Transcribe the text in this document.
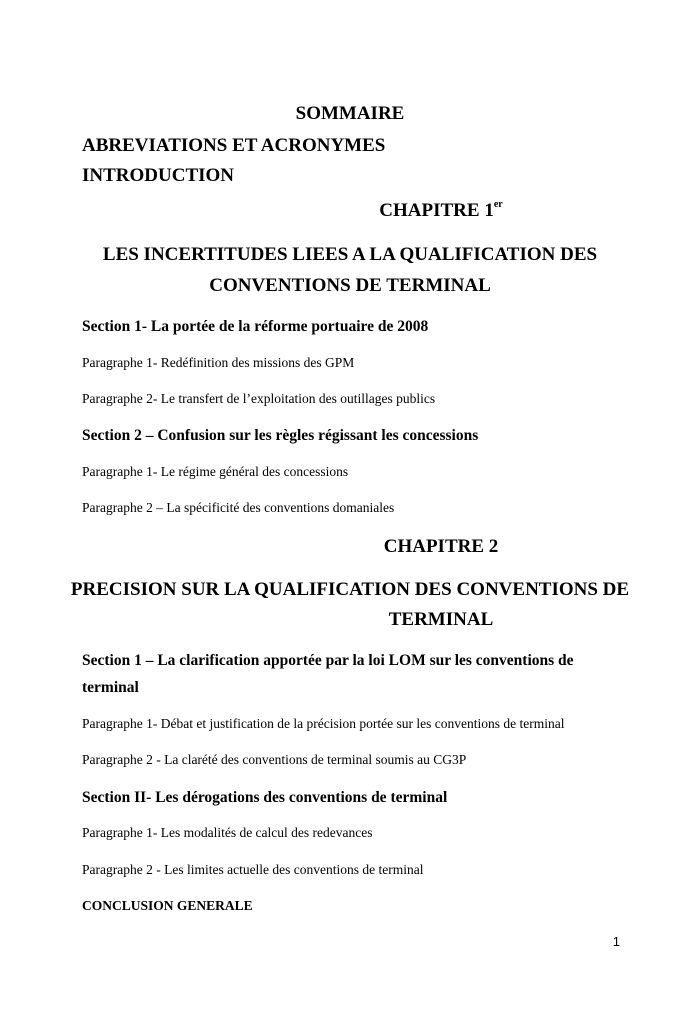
SOMMAIRE
ABREVIATIONS ET ACRONYMES
INTRODUCTION
CHAPITRE 1er
LES INCERTITUDES LIEES A LA QUALIFICATION DES
CONVENTIONS DE TERMINAL
Section 1- La portée de la réforme portuaire de 2008
Paragraphe 1- Redéfinition des missions des GPM
Paragraphe 2- Le transfert de l’exploitation des outillages publics
Section 2 – Confusion sur les règles régissant les concessions
Paragraphe 1- Le régime général des concessions
Paragraphe 2 – La spécificité des conventions domaniales
CHAPITRE 2
PRECISION SUR LA QUALIFICATION DES CONVENTIONS DE
TERMINAL
Section 1 – La clarification apportée par la loi LOM sur les conventions de
terminal
Paragraphe 1- Débat et justification de la précision portée sur les conventions de terminal
Paragraphe 2 - La clarété des conventions de terminal soumis au CG3P
Section II- Les dérogations des conventions de terminal
Paragraphe 1- Les modalités de calcul des redevances
Paragraphe 2 - Les limites actuelle des conventions de terminal
CONCLUSION GENERALE
1
